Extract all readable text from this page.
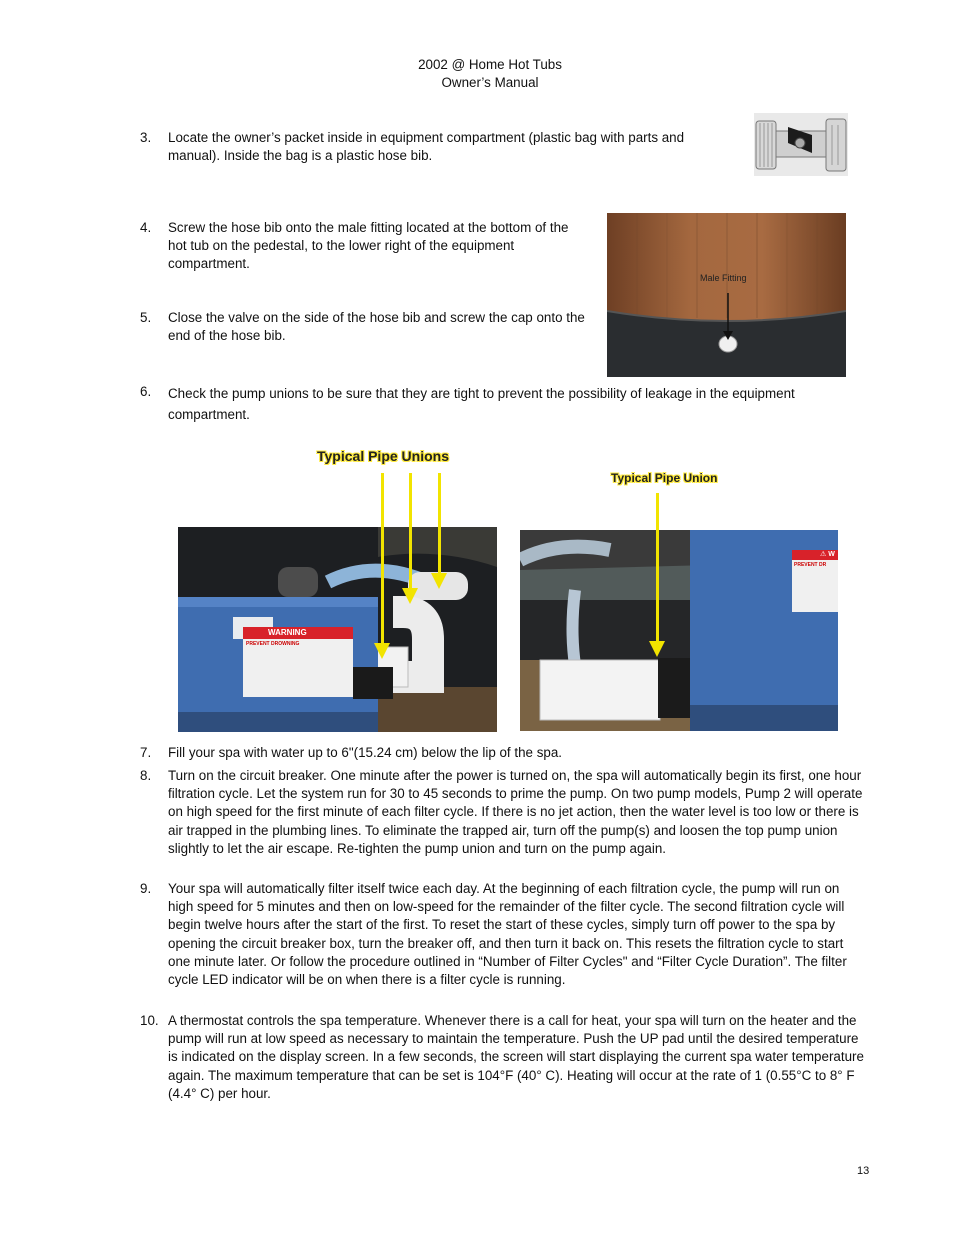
2002 @ Home Hot Tubs
Owner’s Manual
3. Locate the owner’s packet inside in equipment compartment (plastic bag with parts and manual). Inside the bag is a plastic hose bib.
4. Screw the hose bib onto the male fitting located at the bottom of the hot tub on the pedestal, to the lower right of the equipment compartment.
5. Close the valve on the side of the hose bib and screw the cap onto the end of the hose bib.
Male Fitting
6. Check the pump unions to be sure that they are tight to prevent the possibility of leakage in the equipment compartment.
Typical Pipe Unions
Typical Pipe Union
WARNING
PREVENT DROWNING
⚠ W
PREVENT DR
7. Fill your spa with water up to 6"(15.24 cm) below the lip of the spa.
8. Turn on the circuit breaker. One minute after the power is turned on, the spa will automatically begin its first, one hour filtration cycle. Let the system run for 30 to 45 seconds to prime the pump. On two pump models, Pump 2 will operate on high speed for the first minute of each filter cycle. If there is no jet action, then the water level is too low or there is air trapped in the plumbing lines. To eliminate the trapped air, turn off the pump(s) and loosen the top pump union slightly to let the air escape. Re-tighten the pump union and turn on the pump again.
9. Your spa will automatically filter itself twice each day. At the beginning of each filtration cycle, the pump will run on high speed for 5 minutes and then on low-speed for the remainder of the filter cycle. The second filtration cycle will begin twelve hours after the start of the first. To reset the start of these cycles, simply turn off power to the spa by opening the circuit breaker box, turn the breaker off, and then turn it back on. This resets the filtration cycle to start one minute later. Or follow the procedure outlined in “Number of Filter Cycles" and “Filter Cycle Duration”. The filter cycle LED indicator will be on when there is a filter cycle is running.
10. A thermostat controls the spa temperature. Whenever there is a call for heat, your spa will turn on the heater and the pump will run at low speed as necessary to maintain the temperature. Push the UP pad until the desired temperature is indicated on the display screen. In a few seconds, the screen will start displaying the current spa water temperature again. The maximum temperature that can be set is 104°F (40° C). Heating will occur at the rate of 1 (0.55°C to 8° F (4.4° C) per hour.
13
